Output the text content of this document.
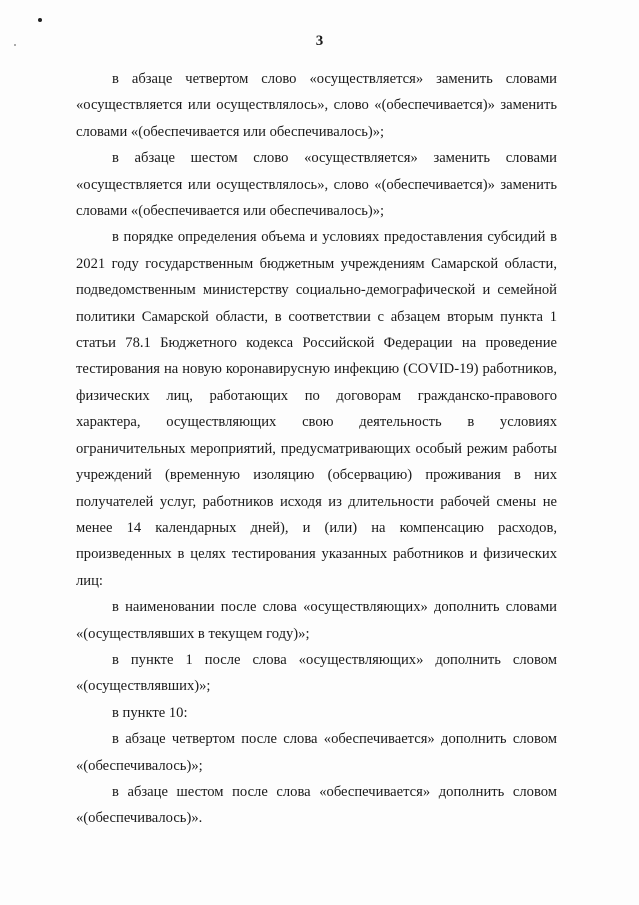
3

в абзаце четвертом слово «осуществляется» заменить словами «осуществляется или осуществлялось», слово «(обеспечивается)» заменить словами «(обеспечивается или обеспечивалось)»;

в абзаце шестом слово «осуществляется» заменить словами «осуществляется или осуществлялось», слово «(обеспечивается)» заменить словами «(обеспечивается или обеспечивалось)»;

в порядке определения объема и условиях предоставления субсидий в 2021 году государственным бюджетным учреждениям Самарской области, подведомственным министерству социально-демографической и семейной политики Самарской области, в соответствии с абзацем вторым пункта 1 статьи 78.1 Бюджетного кодекса Российской Федерации на проведение тестирования на новую коронавирусную инфекцию (COVID-19) работников, физических лиц, работающих по договорам гражданско-правового характера, осуществляющих свою деятельность в условиях ограничительных мероприятий, предусматривающих особый режим работы учреждений (временную изоляцию (обсервацию) проживания в них получателей услуг, работников исходя из длительности рабочей смены не менее 14 календарных дней), и (или) на компенсацию расходов, произведенных в целях тестирования указанных работников и физических лиц:

в наименовании после слова «осуществляющих» дополнить словами «(осуществлявших в текущем году)»;

в пункте 1 после слова «осуществляющих» дополнить словом «(осуществлявших)»;

в пункте 10:

в абзаце четвертом после слова «обеспечивается» дополнить словом «(обеспечивалось)»;

в абзаце шестом после слова «обеспечивается» дополнить словом «(обеспечивалось)».
